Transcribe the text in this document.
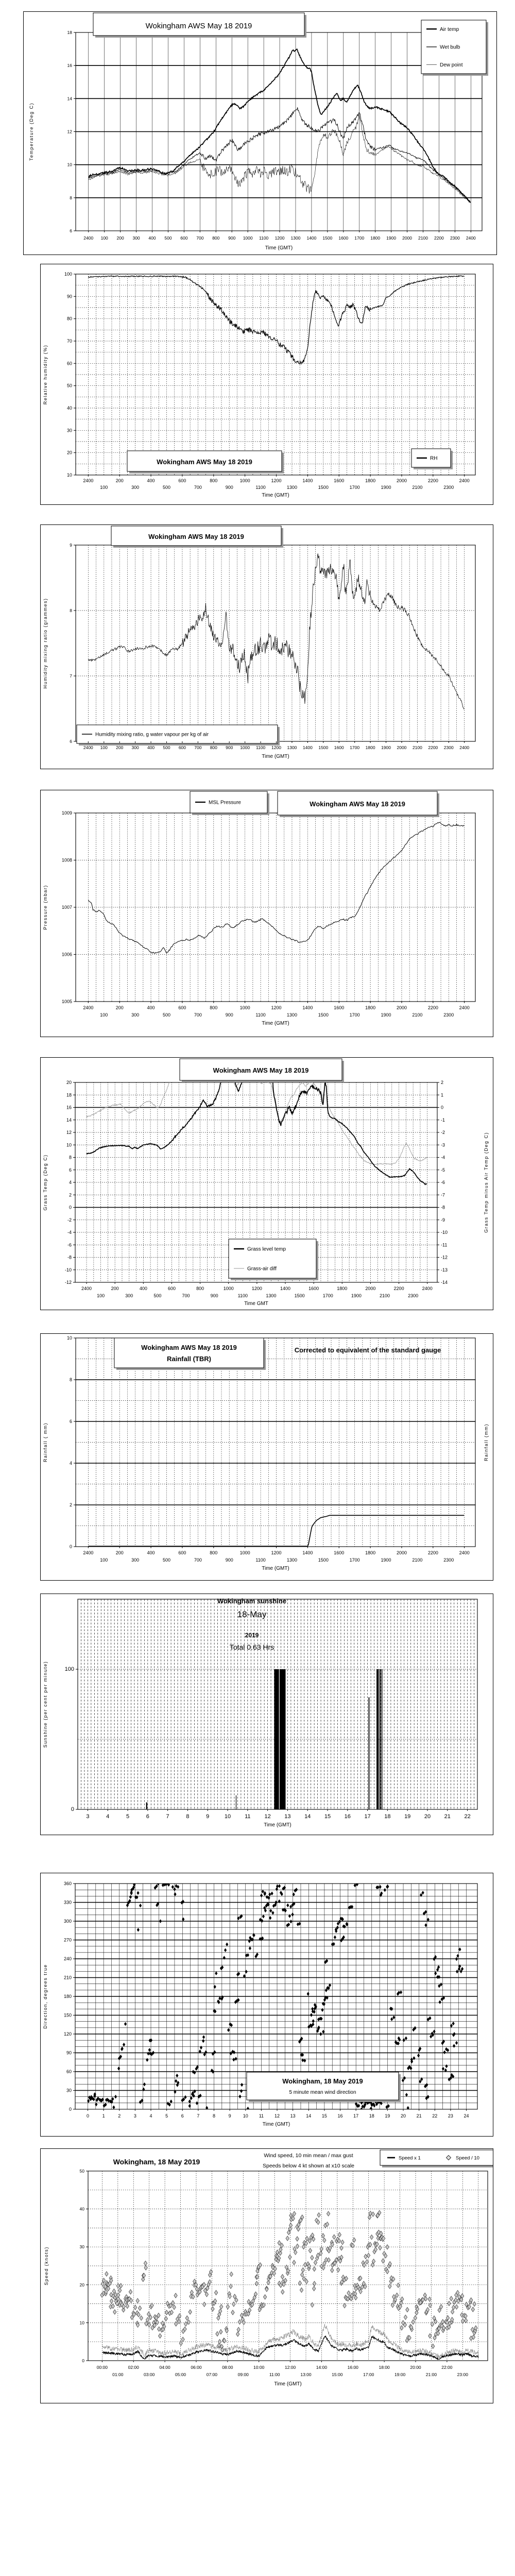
Wokingham AWS May 18 2019	Air temp
Wet bulb
Dew point
6
8
10
12
14
16
18
2400 100 200 300 400 500 600 700 800 900 1000 1100 1200 1300 1400 1500 1600 1700 1800 1900 2000 2100 2200 2300 2400
Time (GMT)
Temperature (Deg C)
Wokingham AWS May 18 2019	RH
10
20
30
40
50
60
70
80
90
100
2400	200	400	600	800	1000	1200	1400	1600	1800	2000	2200	2400
100	300	500	700	900	1100	1300	1500	1700	1900	2100	2300
Time (GMT)
Relative humidity (%)
Wokingham AWS May 18 2019
Humidity mixing ratio, g water vapour per kg of air
6
7
8
9
2400 100 200 300 400 500 600 700 800 900 1000 1100 1200 1300 1400 1500 1600 1700 1800 1900 2000 2100 2200 2300 2400
Time (GMT)
Humidity mixing ratio (grammes)
MSL Pressure	Wokingham AWS May 18 2019
1005
1006
1007
1008
1009
2400	200	400	600	800	1000	1200	1400	1600	1800	2000	2200	2400
100	300	500	700	900	1100	1300	1500	1700	1900	2100	2300
Time (GMT)
Pressure (mbar)
Wokingham AWS May 18 2019
Grass level temp
Grass-air diff
-12
-10
-8
-6
-4
-2
0
2
4
6
8
10
12
14
16
18
20	2
1
0
-1
-2
-3
-4
-5
-6
-7
-8
-9
-10
-11
-12
-13
-14
Grass Temp minus Air Temp (Deg C)
2400	200	400	600	800	1000	1200	1400	1600	1800	2000	2200	2400
100	300	500	700	900	1100	1300	1500	1700	1900	2100	2300
Time GMT
Grass Temp (Deg C)
Wokingham AWS May 18 2019
Rainfall (TBR)
Corrected to equivalent of the standard gauge
0
2
4
6
8
10
Rainfall (mm)
2400	200	400	600	800	1000	1200	1400	1600	1800	2000	2200	2400
100	300	500	700	900	1100	1300	1500	1700	1900	2100	2300
Time (GMT)
Rainfall ( mm)
Wokingham sunshine
18-May
2019
Total 0.63 Hrs
0
100
3	4	5	6	7	8	9	10 11 12 13 14 15 16 17 18 19 20 21 22
Time (GMT)
Sunshine (per cent per minute)
Wokingham, 18 May 2019
5 minute mean wind direction
0
30
60
90
120
150
180
210
240
270
300
330
360
0	1	2	3	4	5	6	7	8	9	10 11 12 13 14 15 16 17 18 19 20 21 22 23 24
Time (GMT)
Direction, degrees true
Wokingham, 18 May 2019
Wind speed, 10 min mean / max gust
Speeds below 4 kt shown at x10 scale
Speed x 1	Speed / 10
0
10
20
30
40
50
00:00	02:00	04:00	06:00	08:00	10:00	12:00	14:00	16:00	18:00	20:00	22:00
01:00	03:00	05:00	07:00	09:00	11:00	13:00	15:00	17:00	19:00	21:00	23:00
Time (GMT)
Speed (knots)
